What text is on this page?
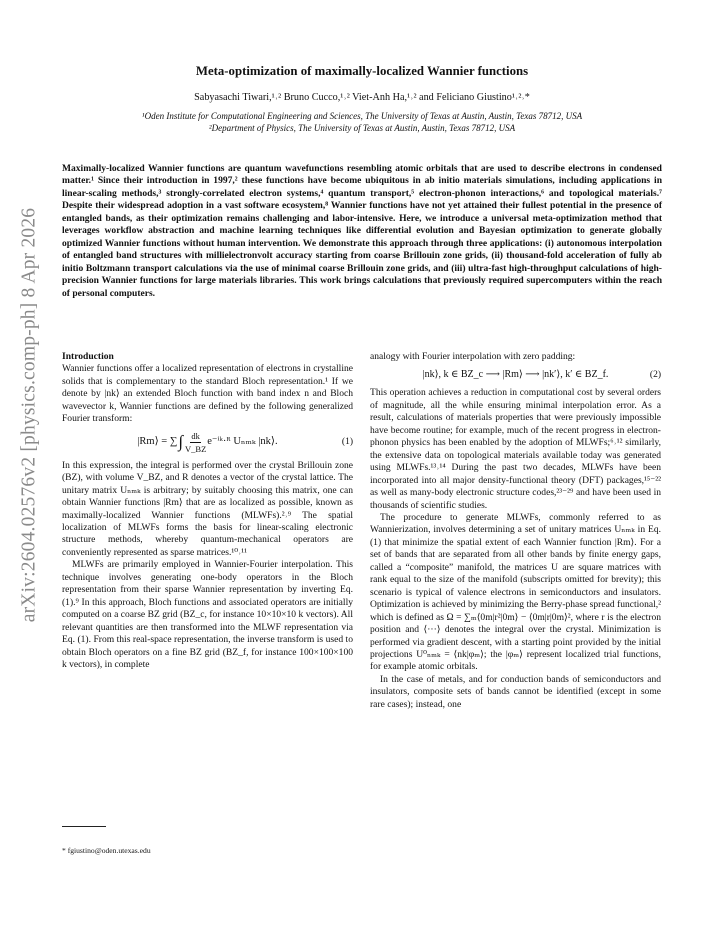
arXiv:2604.02576v2 [physics.comp-ph] 8 Apr 2026
Meta-optimization of maximally-localized Wannier functions
Sabyasachi Tiwari,¹˒² Bruno Cucco,¹˒² Viet-Anh Ha,¹˒² and Feliciano Giustino¹˒²˒*
¹Oden Institute for Computational Engineering and Sciences, The University of Texas at Austin, Austin, Texas 78712, USA
²Department of Physics, The University of Texas at Austin, Austin, Texas 78712, USA
Maximally-localized Wannier functions are quantum wavefunctions resembling atomic orbitals that are used to describe electrons in condensed matter.¹ Since their introduction in 1997,² these functions have become ubiquitous in ab initio materials simulations, including applications in linear-scaling methods,³ strongly-correlated electron systems,⁴ quantum transport,⁵ electron-phonon interactions,⁶ and topological materials.⁷ Despite their widespread adoption in a vast software ecosystem,⁸ Wannier functions have not yet attained their fullest potential in the presence of entangled bands, as their optimization remains challenging and labor-intensive. Here, we introduce a universal meta-optimization method that leverages workflow abstraction and machine learning techniques like differential evolution and Bayesian optimization to generate globally optimized Wannier functions without human intervention. We demonstrate this approach through three applications: (i) autonomous interpolation of entangled band structures with millielectronvolt accuracy starting from coarse Brillouin zone grids, (ii) thousand-fold acceleration of fully ab initio Boltzmann transport calculations via the use of minimal coarse Brillouin zone grids, and (iii) ultra-fast high-throughput calculations of high-precision Wannier functions for large materials libraries. This work brings calculations that previously required supercomputers within the reach of personal computers.

Introduction

Wannier functions offer a localized representation of electrons in crystalline solids that is complementary to the standard Bloch representation.¹ If we denote by |nk⟩ an extended Bloch function with band index n and Bloch wavevector k, Wannier functions are defined by the following generalized Fourier transform:

|Rm⟩ = ∑ ∫ $\frac{dk}{V\_BZ}$ e⁻ⁱᵏ·ᴿ Uₙₘₖ |nk⟩.	(1)

In this expression, the integral is performed over the crystal Brillouin zone (BZ), with volume V_BZ, and R denotes a vector of the crystal lattice. The unitary matrix Uₙₘₖ is arbitrary; by suitably choosing this matrix, one can obtain Wannier functions |Rm⟩ that are as localized as possible, known as maximally-localized Wannier functions (MLWFs).²˒⁹ The spatial localization of MLWFs forms the basis for linear-scaling electronic structure methods, whereby quantum-mechanical operators are conveniently represented as sparse matrices.¹⁰˒¹¹

MLWFs are primarily employed in Wannier-Fourier interpolation. This technique involves generating one-body operators in the Bloch representation from their sparse Wannier representation by inverting Eq. (1).⁹ In this approach, Bloch functions and associated operators are initially computed on a coarse BZ grid (BZ_c, for instance 10×10×10 k vectors). All relevant quantities are then transformed into the MLWF representation via Eq. (1). From this real-space representation, the inverse transform is used to obtain Bloch operators on a fine BZ grid (BZ_f, for instance 100×100×100 k vectors), in complete

analogy with Fourier interpolation with zero padding:

|nk⟩, k ∈ BZ_c ⟶ |Rm⟩ ⟶ |nk′⟩, k′ ∈ BZ_f.	(2)

This operation achieves a reduction in computational cost by several orders of magnitude, all the while ensuring minimal interpolation error. As a result, calculations of materials properties that were previously impossible have become routine; for example, much of the recent progress in electron-phonon physics has been enabled by the adoption of MLWFs;⁶˒¹² similarly, the extensive data on topological materials available today was generated using MLWFs.¹³˒¹⁴ During the past two decades, MLWFs have been incorporated into all major density-functional theory (DFT) packages,¹⁵⁻²² as well as many-body electronic structure codes,²³⁻²⁹ and have been used in thousands of scientific studies.

The procedure to generate MLWFs, commonly referred to as Wannierization, involves determining a set of unitary matrices Uₙₘₖ in Eq. (1) that minimize the spatial extent of each Wannier function |Rm⟩. For a set of bands that are separated from all other bands by finite energy gaps, called a “composite” manifold, the matrices U are square matrices with rank equal to the size of the manifold (subscripts omitted for brevity); this scenario is typical of valence electrons in semiconductors and insulators. Optimization is achieved by minimizing the Berry-phase spread functional,² which is defined as Ω = ∑ₘ⟨0m|r²|0m⟩ − ⟨0m|r|0m⟩², where r is the electron position and ⟨···⟩ denotes the integral over the crystal. Minimization is performed via gradient descent, with a starting point provided by the initial projections U⁰ₙₘₖ = ⟨nk|φₘ⟩; the |φₘ⟩ represent localized trial functions, for example atomic orbitals.

In the case of metals, and for conduction bands of semiconductors and insulators, composite sets of bands cannot be identified (except in some rare cases); instead, one

* fgiustino@oden.utexas.edu
